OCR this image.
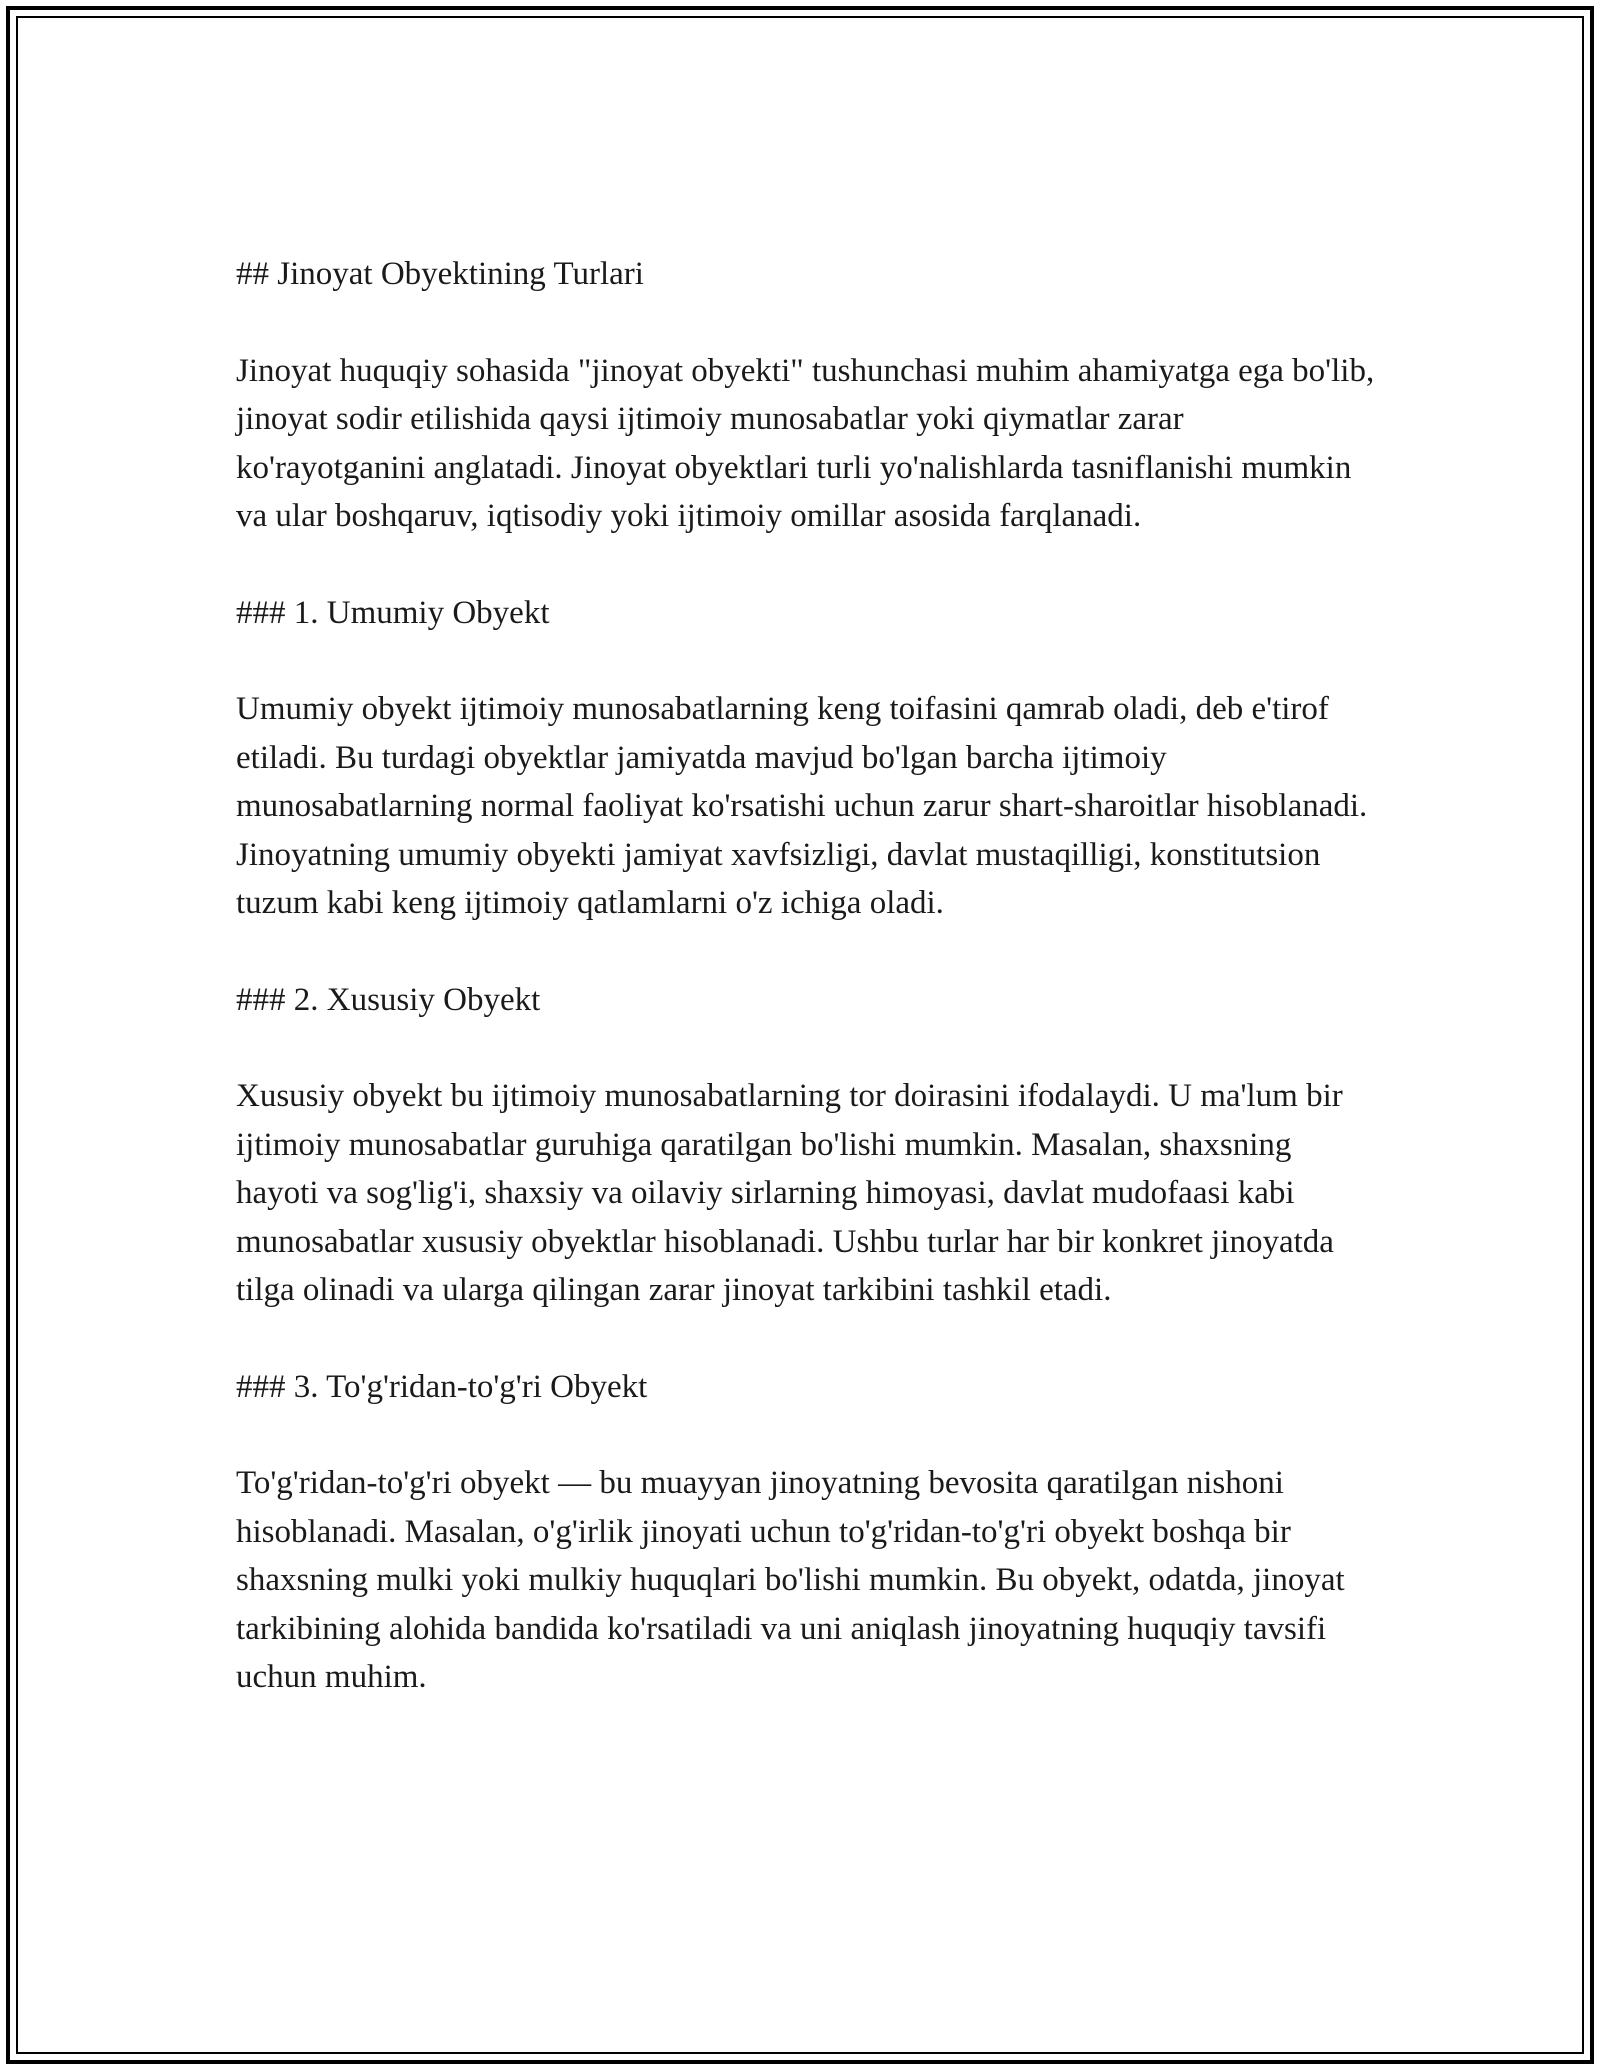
## Jinoyat Obyektining Turlari

Jinoyat huquqiy sohasida "jinoyat obyekti" tushunchasi muhim ahamiyatga ega bo'lib, jinoyat sodir etilishida qaysi ijtimoiy munosabatlar yoki qiymatlar zarar ko'rayotganini anglatadi. Jinoyat obyektlari turli yo'nalishlarda tasniflanishi mumkin va ular boshqaruv, iqtisodiy yoki ijtimoiy omillar asosida farqlanadi.

### 1. Umumiy Obyekt

Umumiy obyekt ijtimoiy munosabatlarning keng toifasini qamrab oladi, deb e'tirof etiladi. Bu turdagi obyektlar jamiyatda mavjud bo'lgan barcha ijtimoiy munosabatlarning normal faoliyat ko'rsatishi uchun zarur shart-sharoitlar hisoblanadi. Jinoyatning umumiy obyekti jamiyat xavfsizligi, davlat mustaqilligi, konstitutsion tuzum kabi keng ijtimoiy qatlamlarni o'z ichiga oladi.

### 2. Xususiy Obyekt

Xususiy obyekt bu ijtimoiy munosabatlarning tor doirasini ifodalaydi. U ma'lum bir ijtimoiy munosabatlar guruhiga qaratilgan bo'lishi mumkin. Masalan, shaxsning hayoti va sog'lig'i, shaxsiy va oilaviy sirlarning himoyasi, davlat mudofaasi kabi munosabatlar xususiy obyektlar hisoblanadi. Ushbu turlar har bir konkret jinoyatda tilga olinadi va ularga qilingan zarar jinoyat tarkibini tashkil etadi.

### 3. To'g'ridan-to'g'ri Obyekt

To'g'ridan-to'g'ri obyekt — bu muayyan jinoyatning bevosita qaratilgan nishoni hisoblanadi. Masalan, o'g'irlik jinoyati uchun to'g'ridan-to'g'ri obyekt boshqa bir shaxsning mulki yoki mulkiy huquqlari bo'lishi mumkin. Bu obyekt, odatda, jinoyat tarkibining alohida bandida ko'rsatiladi va uni aniqlash jinoyatning huquqiy tavsifi uchun muhim.
